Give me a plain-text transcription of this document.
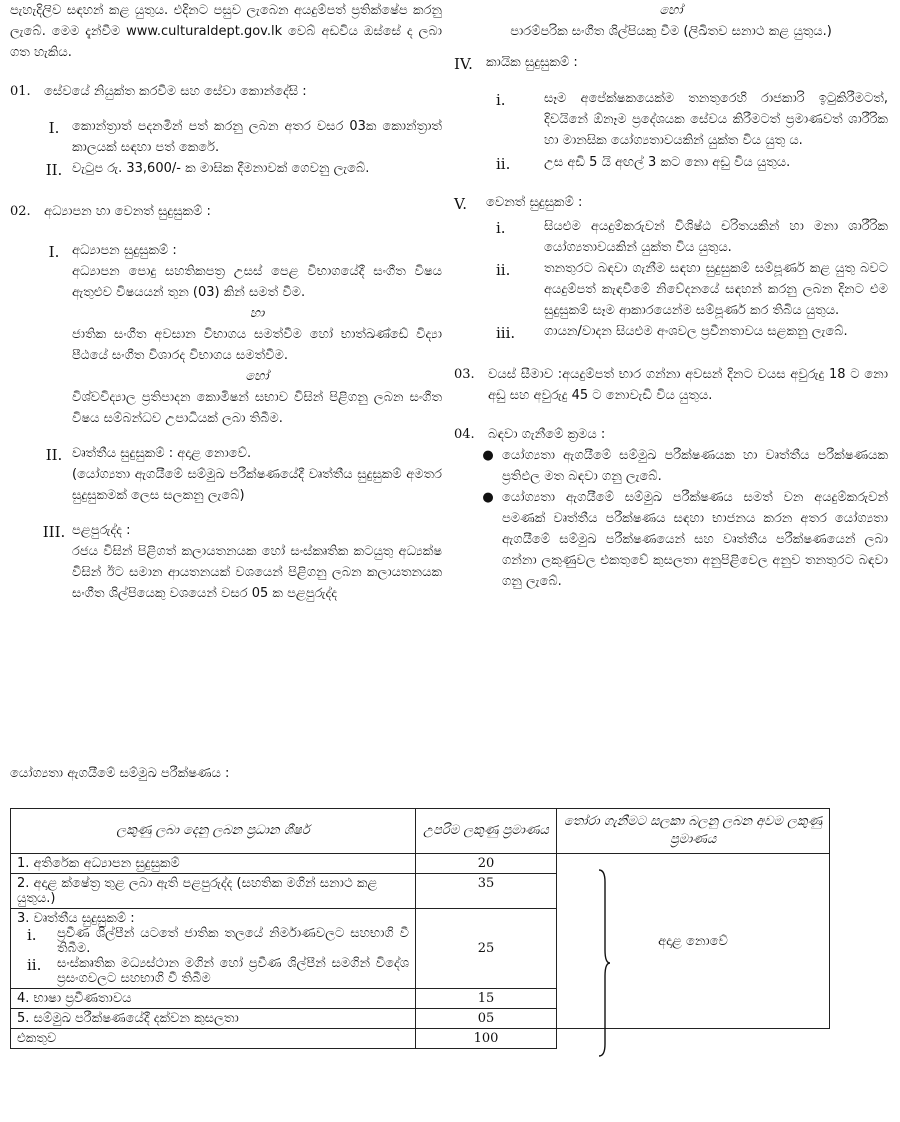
පැහැදිලිව සඳහන් කළ යුතුය. එදිනට පසුව ලැබෙන අයදුම්පත් ප්‍රතික්ෂේප කරනු ලැබේ. මෙම දැන්වීම www.culturaldept.gov.lk වෙබ් අඩවිය ඔස්සේ ද ලබා ගත හැකිය.

01. සේවයේ නියුක්ත කරවීම සහ සේවා කොන්දේසි :

I. කොන්ත්‍රාත් පදනමින් පත් කරනු ලබන අතර වසර 03ක කොන්ත්‍රාත් කාලයක් සඳහා පත් කෙරේ.
II. වැටුප රු. 33,600/- ක මාසික දීමනාවක් ගෙවනු ලැබේ.

02. අධ්‍යාපන හා වෙනත් සුදුසුකම් :

I. අධ්‍යාපන සුදුසුකම් :
අධ්‍යාපන පොදු සහතිකපත්‍ර උසස් පෙළ විභාගයේදී සංගීත විෂය ඇතුළුව විෂයයන් තුන (03) කින් සමත් වීම.
හා
ජාතික සංගීත අවසාන විභාගය සමත්වීම හෝ භාත්ඛණ්ඩේ විද්‍යා පීඨයේ සංගීත විශාරද විභාගය සමත්වීම.
හෝ
විශ්වවිද්‍යාල ප්‍රතිපාදන කොමිෂන් සභාව විසින් පිළිගනු ලබන සංගීත විෂය සම්බන්ධව උපාධියක් ලබා තිබීම.
II. වෘත්තීය සුදුසුකම් : අදාළ නොවේ.
(යෝග්‍යතා ඇගයීමේ සම්මුඛ පරීක්ෂණයේදී වෘත්තීය සුදුසුකම් අමතර සුදුසුකමක් ලෙස සලකනු ලැබේ)
III. පළපුරුද්ද :
රජය විසින් පිළිගත් කලායතනයක හෝ සංස්කෘතික කටයුතු අධ්‍යක්ෂ විසින් ඊට සමාන ආයතනයක් වශයෙන් පිළිගනු ලබන කලායතනයක සංගීත ශිල්පියෙකු වශයෙන් වසර 05 ක පළපුරුද්ද
හෝ
පාරම්පරික සංගීත ශිල්පියකු වීම (ලිඛිතව සනාථ කළ යුතුය.)

IV. කායික සුදුසුකම් :

i.	සෑම අපේක්ෂකයෙක්ම තනතුරෙහි රාජකාරි ඉටුකිරීමටත්, දිවයිනේ ඕනෑම ප්‍රදේශයක සේවය කිරීමටත් ප්‍රමාණවත් ශාරීරික හා මානසික යෝග්‍යතාවයකින් යුක්ත විය යුතු ය.
ii.	උස අඩි 5 යි අඟල් 3 කට නො අඩු විය යුතුය.

V. වෙනත් සුදුසුකම් :

i.	සියළුම අයදුම්කරුවන් විශිෂ්ඨ චරිතයකින් හා මනා ශාරීරික යෝග්‍යතාවයකින් යුක්ත විය යුතුය.
ii.	තනතුරට බඳවා ගැනීම සඳහා සුදුසුකම් සම්පූර්ණ කළ යුතු බවට අයදුම්පත් කැඳවීමේ නිවේදනයේ සඳහන් කරනු ලබන දිනට එම සුදුසුකම් සෑම ආකාරයෙන්ම සම්පූර්ණ කර තිබිය යුතුය.
iii.	ගායන/වාදන සියළුම අංශවල ප්‍රවීනතාවය සළකනු ලැබේ.
03.	වයස් සීමාව :අයදුම්පත් භාර ගන්නා අවසන් දිනට වයස අවුරුදු 18 ට නො අඩු සහ අවුරුදු 45 ට නොවැඩි විය යුතුය.

04. බඳවා ගැනීමේ ක්‍රමය :

● යෝග්‍යතා ඇගයීමේ සම්මුඛ පරීක්ෂණයක හා වෘත්තීය පරීක්ෂණයක ප්‍රතිඵල මත බඳවා ගනු ලැබේ.
● යෝග්‍යතා ඇගයීමේ සම්මුඛ පරීක්ෂණය සමත් වන අයදුම්කරුවන් පමණක් වෘත්තීය පරීක්ෂණය සඳහා භාජනය කරන අතර යෝග්‍යතා ඇගයීමේ සම්මුඛ පරීක්ෂණයෙන් සහ වෘත්තීය පරීක්ෂණයෙන් ලබා ගන්නා ලකුණුවල එකතුවේ කුසලතා අනුපිළිවෙල අනුව තනතුරට බඳවා ගනු ලැබේ.
යෝග්‍යතා ඇගයීමේ සම්මුඛ පරීක්ෂණය :
ලකුණු ලබා දෙනු ලබන ප්‍රධාන ශීර්ෂ	උපරිම ලකුණු ප්‍රමාණය	තෝරා ගැනීමට සලකා බලනු ලබන අවම ලකුණු ප්‍රමාණය
1. අතිරේක අධ්‍යාපන සුදුසුකම්	20	අදාළ නොවේ
2. අදාළ ක්ෂේත්‍ර තුළ ලබා ඇති පළපුරුද්ද (සහතික මගින් සනාථ කළ යුතුය.)	35	

3. වෘත්තීය සුදුසුකම් :
i. ප්‍රවීණ ශිල්පීන් යටතේ ජාතික තලයේ නිර්මාණවලට සහභාගි වී තිබීම.
ii. සංස්කෘතික මධ්‍යස්ථාන මගින් හෝ ප්‍රවීණ ශිල්පීන් සමගින් විදේශ ප්‍රසංගවලට සහභාගි වී තිබීම	25	
4. භාෂා ප්‍රවීණතාවය	15	
5. සම්මුඛ පරීක්ෂණයේදී දක්වන කුසලතා	05	
එකතුව	100	
